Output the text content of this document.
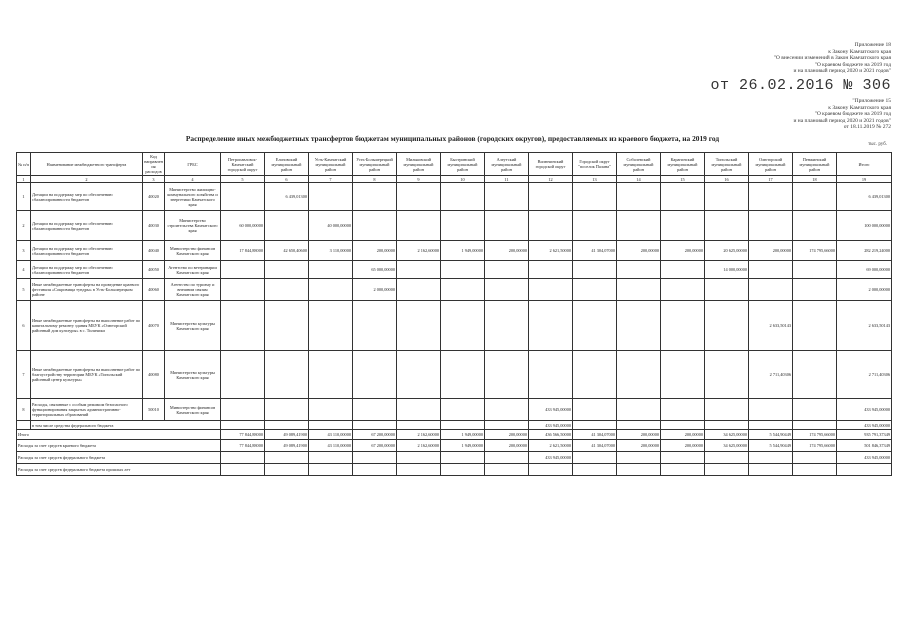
Приложение 18
к Закону Камчатского края
"О внесении изменений в Закон Камчатского края
"О краевом бюджете на 2019 год
и на плановый период 2020 и 2021 годов"
от 26.02.2016 № 306
"Приложение 15
к Закону Камчатского края
"О краевом бюджете на 2019 год
и на плановый период 2020 и 2021 годов"
от 18.11.2019 № 272
Распределение иных межбюджетных трансфертов бюджетам муниципальных районов (городских округов), предоставляемых из краевого бюджета, на 2019 год
тыс. руб.
№ п/п	Наименование межбюджетного трансферта	Код направления расходов	ГРБС	Петропавловск-Камчатский городской округ	Елизовский муниципальный район	Усть-Камчатский муниципальный район	Усть-Большерецкий муниципальный район	Мильковский муниципальный район	Быстринский муниципальный район	Алеутский муниципальный район	Вилючинский городской округ	Городской округ "поселок Палана"	Соболевский муниципальный район	Карагинский муниципальный район	Тигильский муниципальный район	Олюторский муниципальный район	Пенжинский муниципальный район	Итого
1	2	3	4	5	6	7	8	9	10	11	12	13	14	15	16	17	18	19
1	Дотации на поддержку мер по обеспечению сбалансированности бюджетов	40020	Министерство жилищно-коммунального хозяйства и энергетики Камчатского края		6 439,01300													6 439,01300
2	Дотации на поддержку мер по обеспечению сбалансированности бюджетов	40030	Министерство строительства Камчатского края	60 000,00000		40 000,00000												100 000,00000
3	Дотации на поддержку мер по обеспечению сбалансированности бюджетов	40040	Министерство финансов Камчатского края	17 844,88000	42 650,40600	3 110,00000	200,00000	2 162,60000	1 949,00000	200,00000	2 621,50000	41 304,07000	200,00000	200,00000	20 625,00000	200,00000	174 795,66000	282 219,24000
4	Дотации на поддержку мер по обеспечению сбалансированности бюджетов	40050	Агентство по ветеринарии Камчатского края				65 000,00000								14 000,00000			69 000,00000
5	Иные межбюджетные трансферты на проведение краевого фестиваля «Сокровища тундры» в Усть-Большерецком районе	40060	Агентство по туризму и внешним связям Камчатского края				2 000,00000											2 000,00000
6	Иные межбюджетные трансферты на выполнение работ по капитальному ремонту здания МБУК «Олюторский районный дом культуры» в с. Тиличики	40070	Министерство культуры Камчатского края													2 633,50143		2 633,50143
7	Иные межбюджетные трансферты на выполнение работ по благоустройству территории МБУК «Тигильский районный центр культуры»	40080	Министерство культуры Камчатского края													2 711,40306		2 711,40306
8	Расходы, связанные с особым режимом безопасного функционирования закрытых административно-территориальных образований	50010	Министерство финансов Камчатского края								433 945,00000							433 945,00000
	в том числе средства федерального бюджета										433 945,00000							433 945,00000
Итого				77 844,88000	49 089,41900	43 110,00000	67 200,00000	2 162,60000	1 949,00000	200,00000	436 566,50000	41 304,07000	200,00000	200,00000	34 625,00000	5 544,90449	174 795,66000	935 791,37349
Расходы за счет средств краевого бюджета				77 844,88000	49 089,41900	43 110,00000	67 200,00000	2 162,60000	1 949,00000	200,00000	2 621,50000	41 304,07000	200,00000	200,00000	34 625,00000	5 544,90449	174 795,66000	501 846,37349
Расходы за счет средств федерального бюджета											433 945,00000							433 945,00000
Расходы за счет средств федерального бюджета прошлых лет																		
